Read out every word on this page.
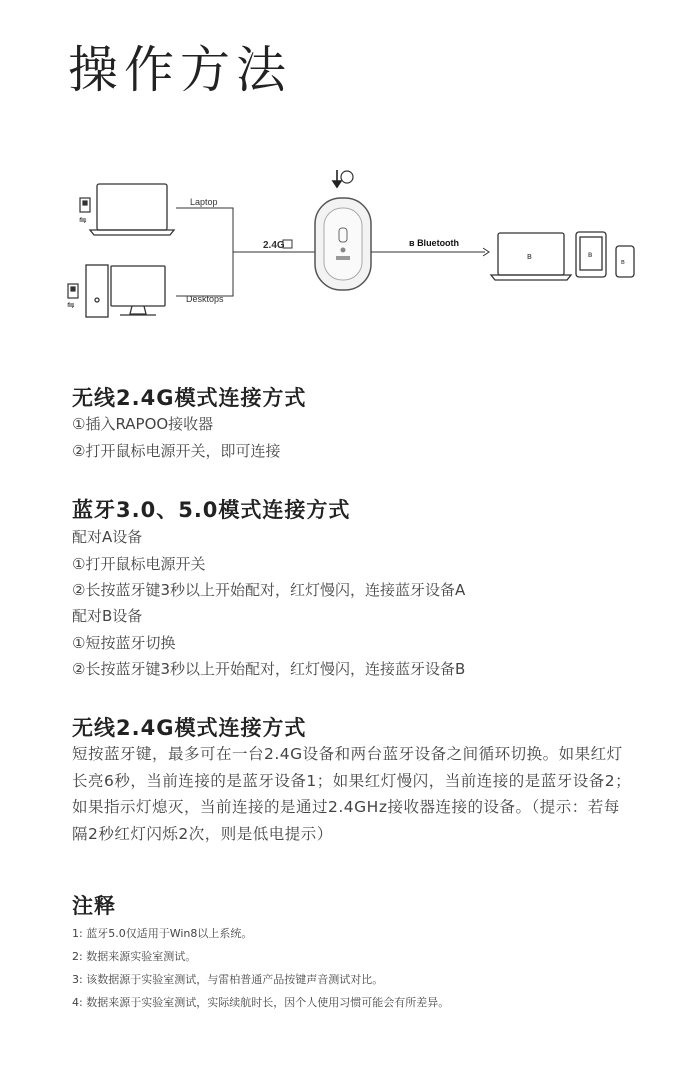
操作方法
⇋
⇋
Laptop
Desktops
2.4G	ʙ Bluetooth
ʙ	ʙ
ʙ
无线2.4G模式连接方式
①插入RAPOO接收器
②打开鼠标电源开关，即可连接
蓝牙3.0、5.0模式连接方式
配对A设备
①打开鼠标电源开关
②长按蓝牙键3秒以上开始配对，红灯慢闪，连接蓝牙设备A
配对B设备
①短按蓝牙切换
②长按蓝牙键3秒以上开始配对，红灯慢闪，连接蓝牙设备B
无线2.4G模式连接方式
短按蓝牙键，最多可在一台2.4G设备和两台蓝牙设备之间循环切换。如果红灯长亮6秒，当前连接的是蓝牙设备1；如果红灯慢闪，当前连接的是蓝牙设备2；如果指示灯熄灭，当前连接的是通过2.4GHz接收器连接的设备。（提示：若每隔2秒红灯闪烁2次，则是低电提示）
注释
1: 蓝牙5.0仅适用于Win8以上系统。
2: 数据来源实验室测试。
3: 该数据源于实验室测试，与雷柏普通产品按键声音测试对比。
4: 数据来源于实验室测试，实际续航时长，因个人使用习惯可能会有所差异。
